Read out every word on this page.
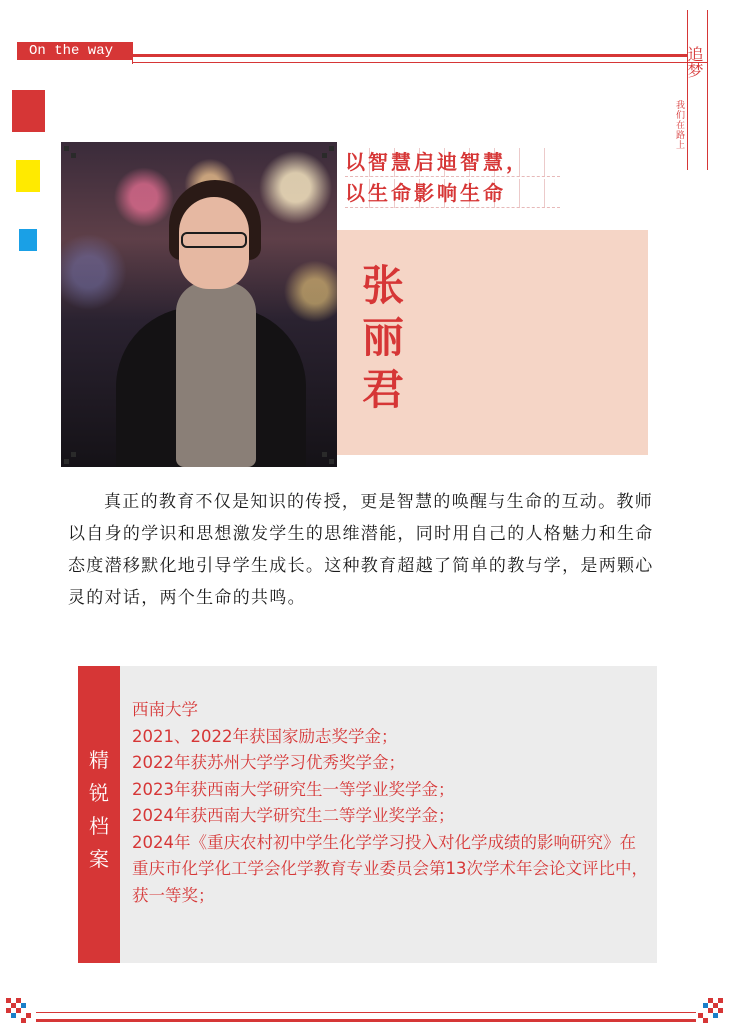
On the way	追梦
我们在路上
以智慧启迪智慧，
以生命影响生命
张
丽
君
真正的教育不仅是知识的传授，更是智慧的唤醒与生命的互动。教师以自身的学识和思想激发学生的思维潜能，同时用自己的人格魅力和生命态度潜移默化地引导学生成长。这种教育超越了简单的教与学，是两颗心灵的对话，两个生命的共鸣。
精
锐
档
案
西南大学
2021、2022年获国家励志奖学金；
2022年获苏州大学学习优秀奖学金；
2023年获西南大学研究生一等学业奖学金；
2024年获西南大学研究生二等学业奖学金；
2024年《重庆农村初中学生化学学习投入对化学成绩的影响研究》在重庆市化学化工学会化学教育专业委员会第13次学术年会论文评比中，获一等奖；
